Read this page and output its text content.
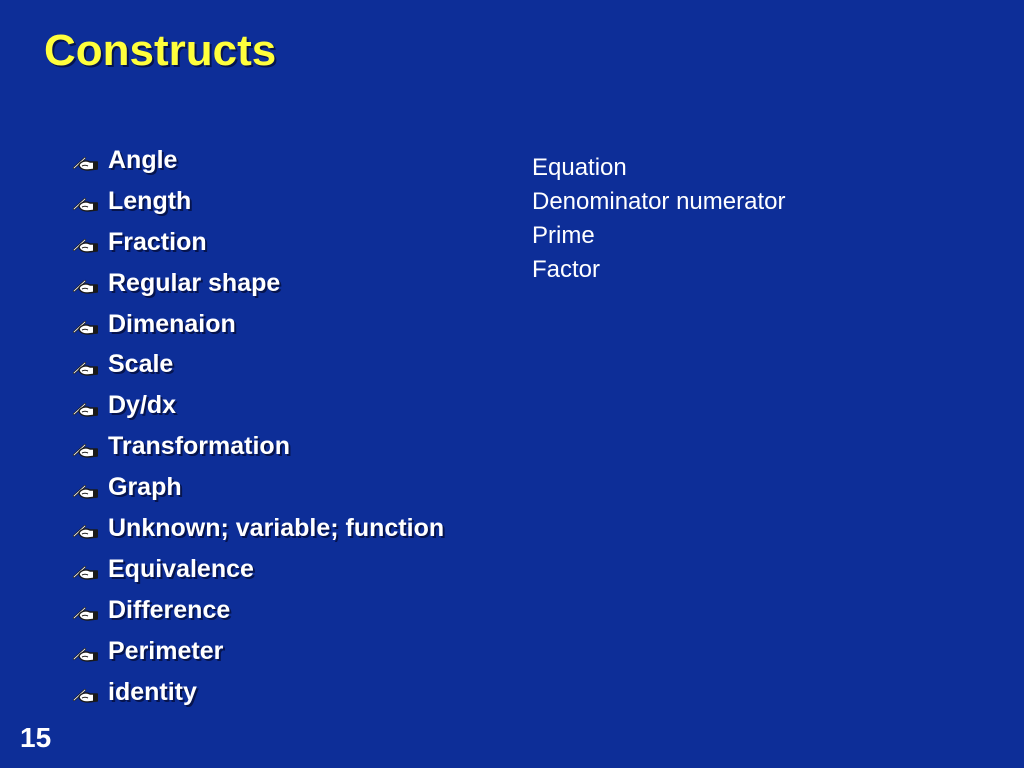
Constructs
Angle
Length
Fraction
Regular shape
Dimenaion
Scale
Dy/dx
Transformation
Graph
Unknown; variable; function
Equivalence
Difference
Perimeter
identity
Equation
Denominator numerator
Prime
Factor
15
